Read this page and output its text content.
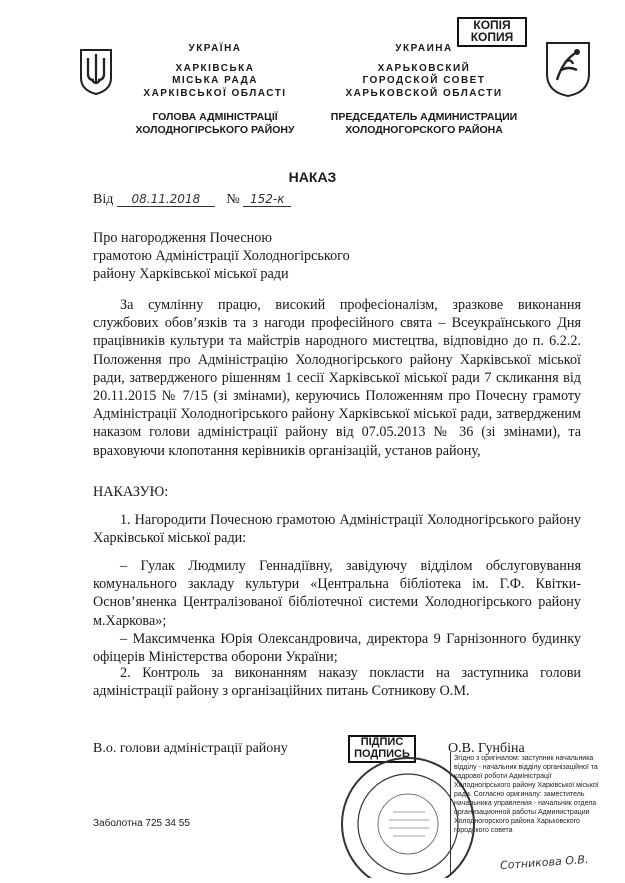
КОПІЯ
КОПИЯ
УКРАЇНА
ХАРКІВСЬКА
МІСЬКА РАДА
ХАРКІВСЬКОЇ ОБЛАСТІ
ГОЛОВА АДМІНІСТРАЦІЇ
ХОЛОДНОГІРСЬКОГО РАЙОНУ
УКРАИНА
ХАРЬКОВСКИЙ
ГОРОДСКОЙ СОВЕТ
ХАРЬКОВСКОЙ ОБЛАСТИ
ПРЕДСЕДАТЕЛЬ АДМИНИСТРАЦИИ
ХОЛОДНОГОРСКОГО РАЙОНА
НАКАЗ
Від 08.11.2018 № 152-к
Про нагородження Почесною
грамотою Адміністрації Холодногірського
району Харківської міської ради
За сумлінну працю, високий професіоналізм, зразкове виконання службових обов’язків та з нагоди професійного свята – Всеукраїнського Дня працівників культури та майстрів народного мистецтва, відповідно до п. 6.2.2. Положення про Адміністрацію Холодногірського району Харківської міської ради, затвердженого рішенням 1 сесії Харківської міської ради 7 скликання від 20.11.2015 № 7/15 (зі змінами), керуючись Положенням про Почесну грамоту Адміністрації Холодногірського району Харківської міської ради, затвердженим наказом голови адміністрації району від 07.05.2013 № 36 (зі змінами), та враховуючи клопотання керівників організацій, установ району,
НАКАЗУЮ:
1. Нагородити Почесною грамотою Адміністрації Холодногірського району Харківської міської ради:
– Гулак Людмилу Геннадіївну, завідуючу відділом обслуговування комунального закладу культури «Центральна бібліотека ім. Г.Ф. Квітки-Основ’яненка Централізованої бібліотечної системи Холодногірського району м.Харкова»;
– Максимченка Юрія Олександровича, директора 9 Гарнізонного будинку офіцерів Міністерства оборони України;
2. Контроль за виконанням наказу покласти на заступника голови адміністрації району з організаційних питань Сотникову О.М.
В.о. голови адміністрації району	ПІДПИС
ПОДПИСЬ	О.В. Гунбіна
Згідно з оригіналом: заступник начальника відділу - начальник відділу організаційної та кадрової роботи Адміністрації Холодногірського району Харківської міської ради. Согласно оригиналу: заместитель начальника управления - начальник отдела организационной работы Администрации Холодногорского района Харьковского городского совета
Сотникова О.В.
Заболотна 725 34 55
